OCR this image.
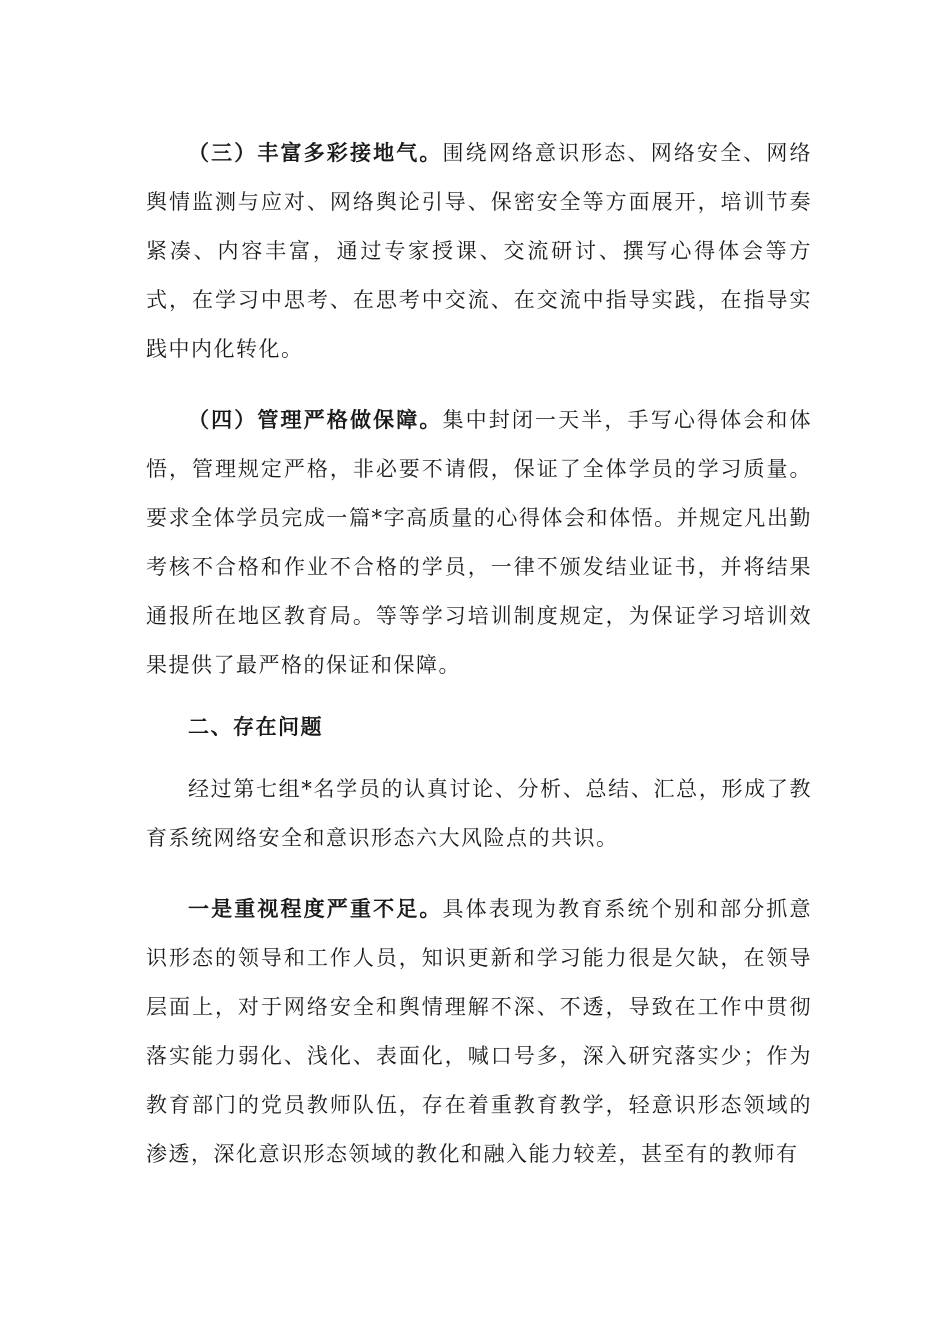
（三）丰富多彩接地气。围绕网络意识形态、网络安全、网络舆情监测与应对、网络舆论引导、保密安全等方面展开，培训节奏紧凑、内容丰富，通过专家授课、交流研讨、撰写心得体会等方式，在学习中思考、在思考中交流、在交流中指导实践，在指导实践中内化转化。

（四）管理严格做保障。集中封闭一天半，手写心得体会和体悟，管理规定严格，非必要不请假，保证了全体学员的学习质量。要求全体学员完成一篇*字高质量的心得体会和体悟。并规定凡出勤考核不合格和作业不合格的学员，一律不颁发结业证书，并将结果通报所在地区教育局。等等学习培训制度规定，为保证学习培训效果提供了最严格的保证和保障。

二、存在问题

经过第七组*名学员的认真讨论、分析、总结、汇总，形成了教育系统网络安全和意识形态六大风险点的共识。

一是重视程度严重不足。具体表现为教育系统个别和部分抓意识形态的领导和工作人员，知识更新和学习能力很是欠缺，在领导层面上，对于网络安全和舆情理解不深、不透，导致在工作中贯彻落实能力弱化、浅化、表面化，喊口号多，深入研究落实少；作为教育部门的党员教师队伍，存在着重教育教学，轻意识形态领域的渗透，深化意识形态领域的教化和融入能力较差，甚至有的教师有
